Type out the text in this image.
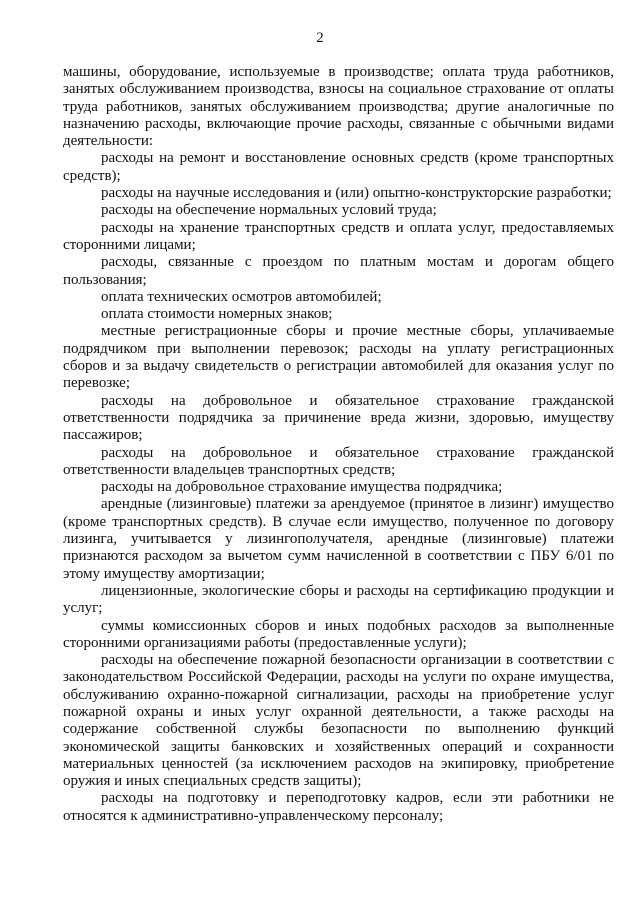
2

машины, оборудование, используемые в производстве; оплата труда работников, занятых обслуживанием производства, взносы на социальное страхование от оплаты труда работников, занятых обслуживанием производства; другие аналогичные по назначению расходы, включающие прочие расходы, связанные с обычными видами деятельности:

расходы на ремонт и восстановление основных средств (кроме транспортных средств);

расходы на научные исследования и (или) опытно-конструкторские разработки;

расходы на обеспечение нормальных условий труда;

расходы на хранение транспортных средств и оплата услуг, предоставляемых сторонними лицами;

расходы, связанные с проездом по платным мостам и дорогам общего пользования;

оплата технических осмотров автомобилей;

оплата стоимости номерных знаков;

местные регистрационные сборы и прочие местные сборы, уплачиваемые подрядчиком при выполнении перевозок; расходы на уплату регистрационных сборов и за выдачу свидетельств о регистрации автомобилей для оказания услуг по перевозке;

расходы на добровольное и обязательное страхование гражданской ответственности подрядчика за причинение вреда жизни, здоровью, имуществу пассажиров;

расходы на добровольное и обязательное страхование гражданской ответственности владельцев транспортных средств;

расходы на добровольное страхование имущества подрядчика;

арендные (лизинговые) платежи за арендуемое (принятое в лизинг) имущество (кроме транспортных средств). В случае если имущество, полученное по договору лизинга, учитывается у лизингополучателя, арендные (лизинговые) платежи признаются расходом за вычетом сумм начисленной в соответствии с ПБУ 6/01 по этому имуществу амортизации;

лицензионные, экологические сборы и расходы на сертификацию продукции и услуг;

суммы комиссионных сборов и иных подобных расходов за выполненные сторонними организациями работы (предоставленные услуги);

расходы на обеспечение пожарной безопасности организации в соответствии с законодательством Российской Федерации, расходы на услуги по охране имущества, обслуживанию охранно-пожарной сигнализации, расходы на приобретение услуг пожарной охраны и иных услуг охранной деятельности, а также расходы на содержание собственной службы безопасности по выполнению функций экономической защиты банковских и хозяйственных операций и сохранности материальных ценностей (за исключением расходов на экипировку, приобретение оружия и иных специальных средств защиты);

расходы на подготовку и переподготовку кадров, если эти работники не относятся к административно-управленческому персоналу;
